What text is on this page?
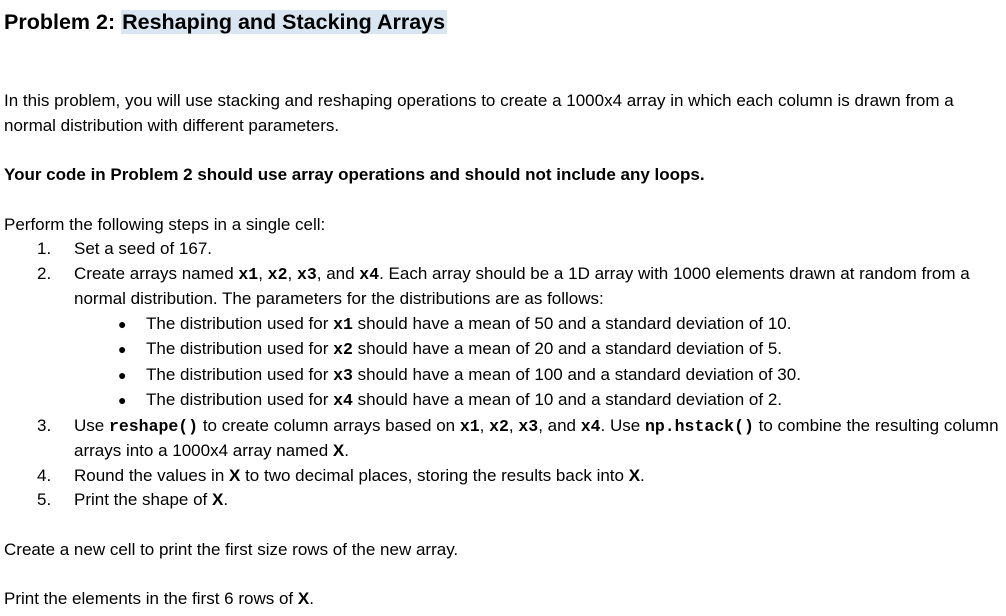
Problem 2: Reshaping and Stacking Arrays

In this problem, you will use stacking and reshaping operations to create a 1000x4 array in which each column is drawn from a normal distribution with different parameters.

Your code in Problem 2 should use array operations and should not include any loops.

Perform the following steps in a single cell:

1. Set a seed of 167.
2. Create arrays named x1, x2, x3, and x4. Each array should be a 1D array with 1000 elements drawn at random from a normal distribution. The parameters for the distributions are as follows:
● The distribution used for x1 should have a mean of 50 and a standard deviation of 10.
● The distribution used for x2 should have a mean of 20 and a standard deviation of 5.
● The distribution used for x3 should have a mean of 100 and a standard deviation of 30.
● The distribution used for x4 should have a mean of 10 and a standard deviation of 2.
3. Use reshape() to create column arrays based on x1, x2, x3, and x4. Use np.hstack() to combine the resulting column arrays into a 1000x4 array named X.
4. Round the values in X to two decimal places, storing the results back into X.
5. Print the shape of X.

Create a new cell to print the first size rows of the new array.

Print the elements in the first 6 rows of X.
